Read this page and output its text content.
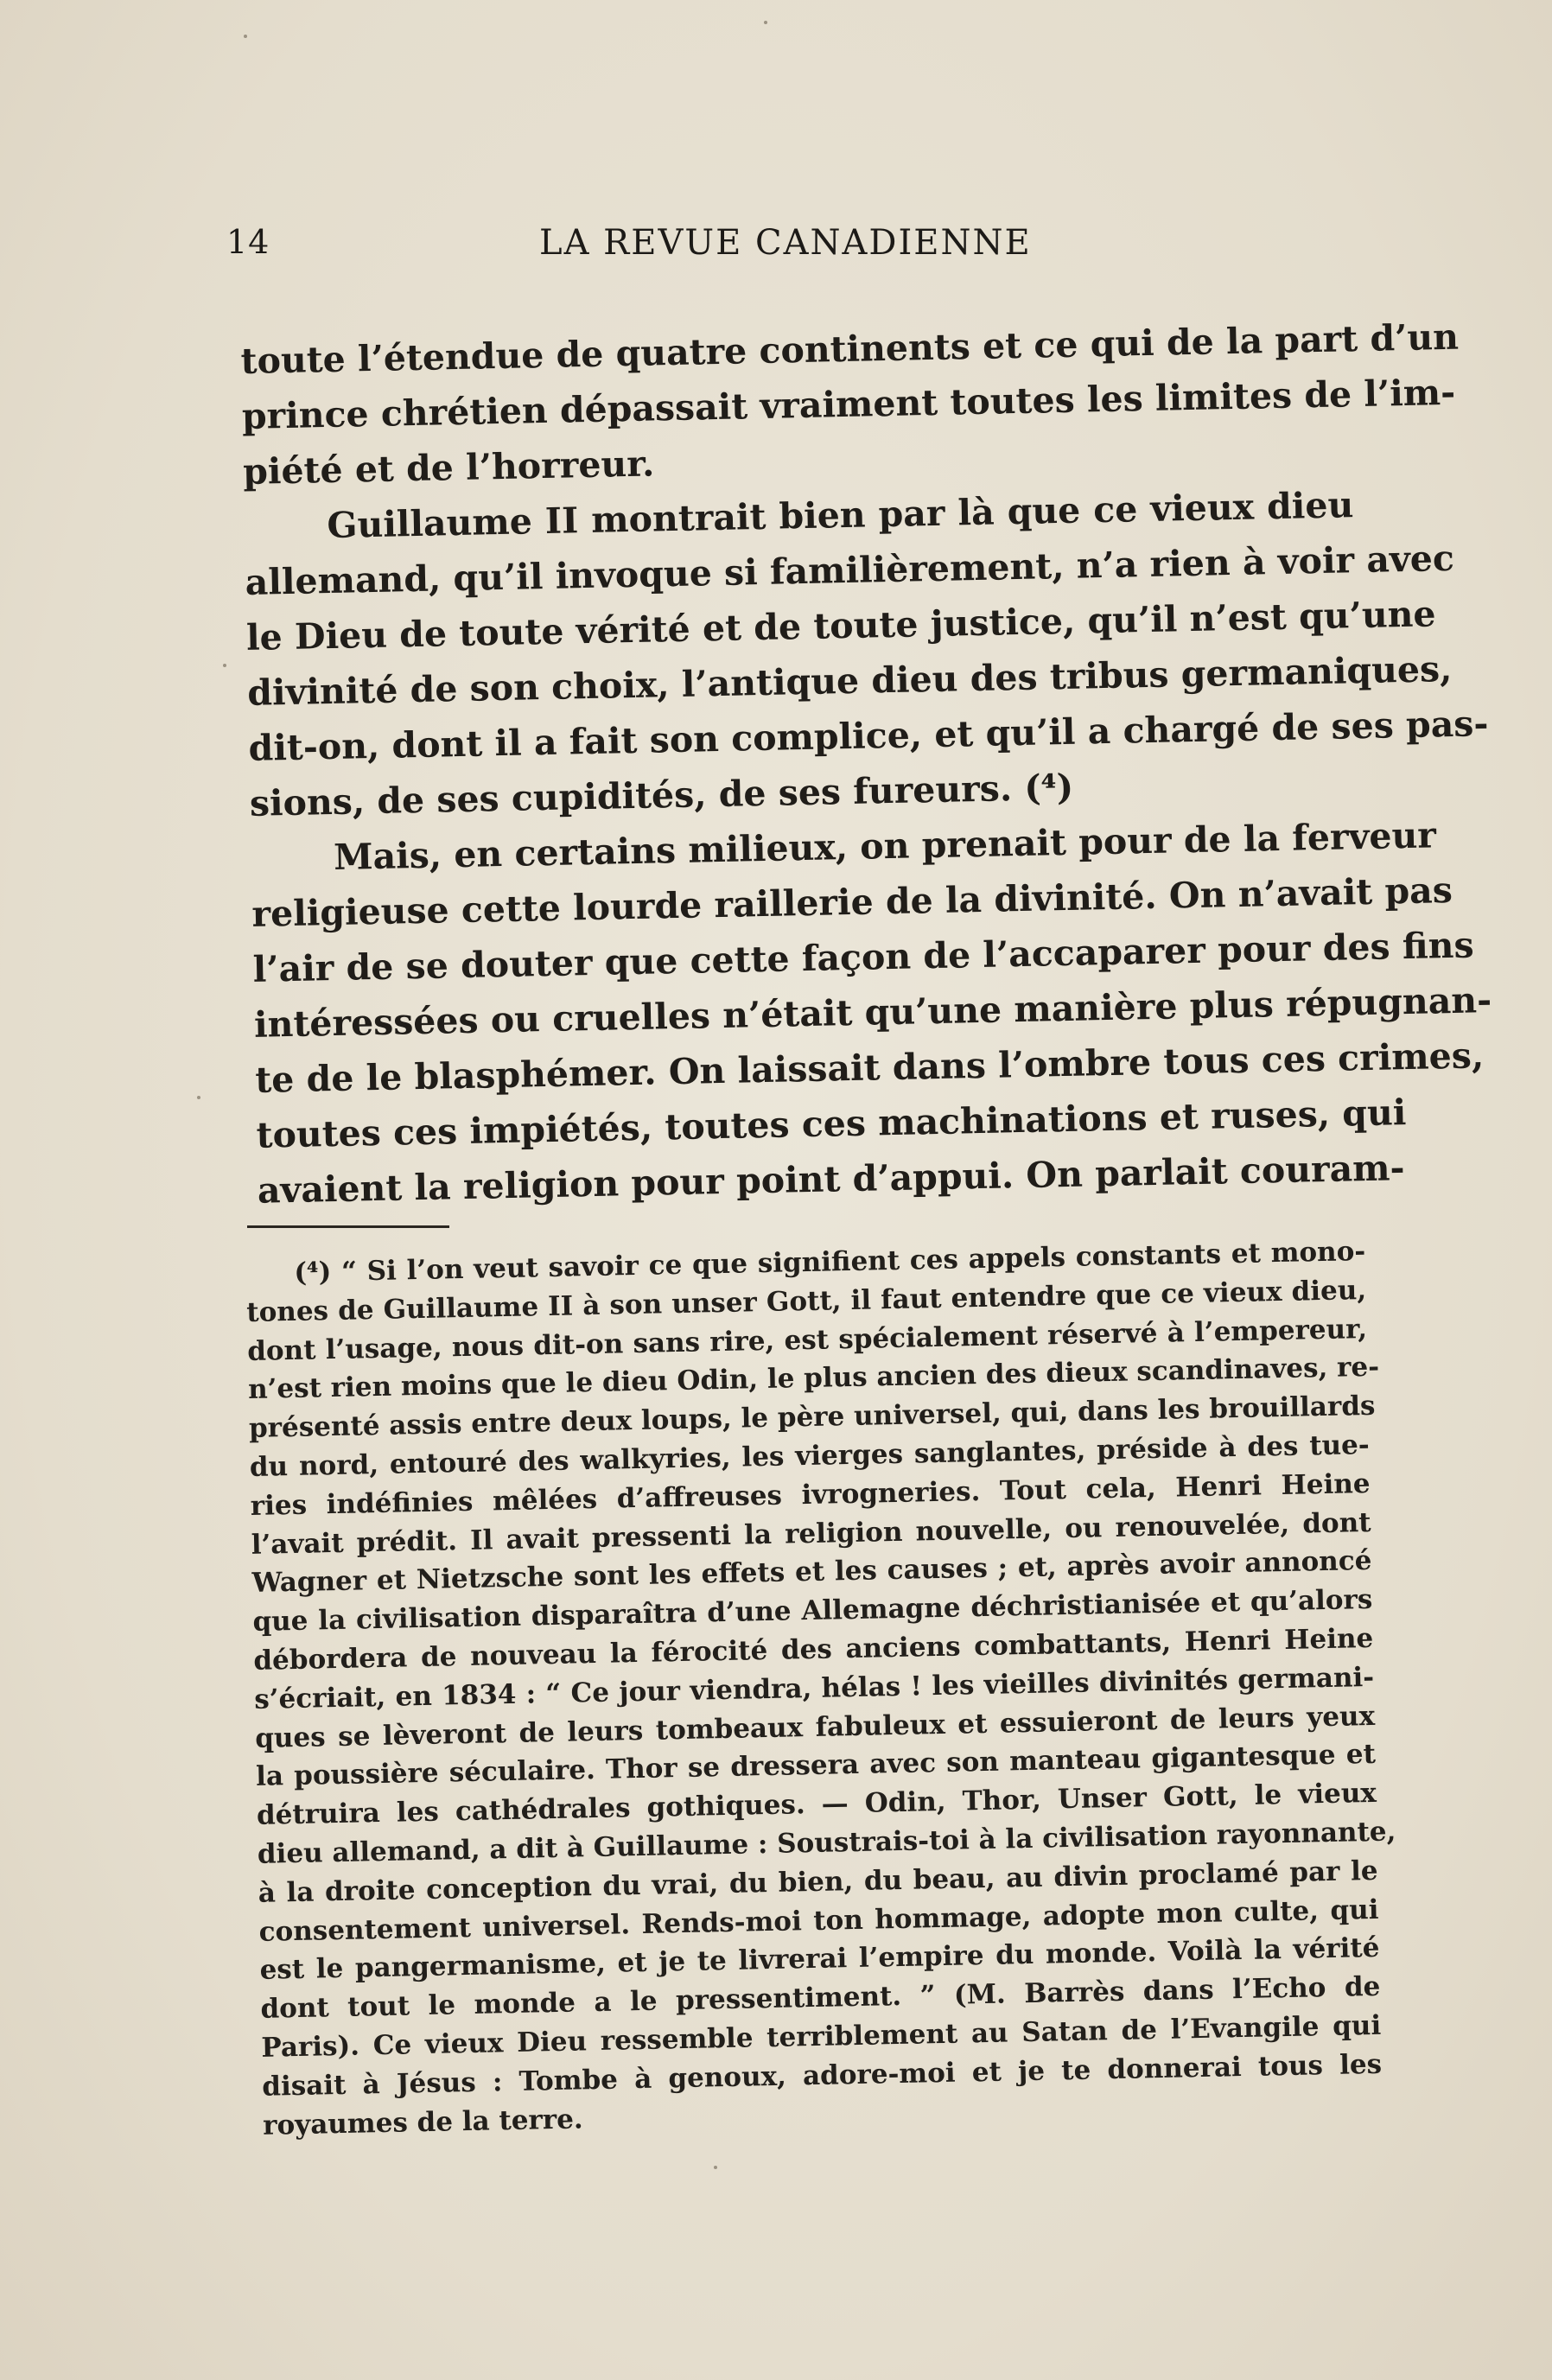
14	LA REVUE CANADIENNE
toute l’étendue de quatre continents et ce qui de la part d’un
prince chrétien dépassait vraiment toutes les limites de l’im-
piété et de l’horreur.
Guillaume II montrait bien par là que ce vieux dieu
allemand, qu’il invoque si familièrement, n’a rien à voir avec
le Dieu de toute vérité et de toute justice, qu’il n’est qu’une
divinité de son choix, l’antique dieu des tribus germaniques,
dit-on, dont il a fait son complice, et qu’il a chargé de ses pas-
sions, de ses cupidités, de ses fureurs. (⁴)
Mais, en certains milieux, on prenait pour de la ferveur
religieuse cette lourde raillerie de la divinité. On n’avait pas
l’air de se douter que cette façon de l’accaparer pour des fins
intéressées ou cruelles n’était qu’une manière plus répugnan-
te de le blasphémer. On laissait dans l’ombre tous ces crimes,
toutes ces impiétés, toutes ces machinations et ruses, qui
avaient la religion pour point d’appui. On parlait couram-
(⁴) “ Si l’on veut savoir ce que signifient ces appels constants et mono-
tones de Guillaume II à son unser Gott, il faut entendre que ce vieux dieu,
dont l’usage, nous dit-on sans rire, est spécialement réservé à l’empereur,
n’est rien moins que le dieu Odin, le plus ancien des dieux scandinaves, re-
présenté assis entre deux loups, le père universel, qui, dans les brouillards
du nord, entouré des walkyries, les vierges sanglantes, préside à des tue-
ries indéfinies mêlées d’affreuses ivrogneries. Tout cela, Henri Heine
l’avait prédit. Il avait pressenti la religion nouvelle, ou renouvelée, dont
Wagner et Nietzsche sont les effets et les causes ; et, après avoir annoncé
que la civilisation disparaîtra d’une Allemagne déchristianisée et qu’alors
débordera de nouveau la férocité des anciens combattants, Henri Heine
s’écriait, en 1834 : “ Ce jour viendra, hélas ! les vieilles divinités germani-
ques se lèveront de leurs tombeaux fabuleux et essuieront de leurs yeux
la poussière séculaire. Thor se dressera avec son manteau gigantesque et
détruira les cathédrales gothiques. — Odin, Thor, Unser Gott, le vieux
dieu allemand, a dit à Guillaume : Soustrais-toi à la civilisation rayonnante,
à la droite conception du vrai, du bien, du beau, au divin proclamé par le
consentement universel. Rends-moi ton hommage, adopte mon culte, qui
est le pangermanisme, et je te livrerai l’empire du monde. Voilà la vérité
dont tout le monde a le pressentiment. ” (M. Barrès dans l’Echo de
Paris). Ce vieux Dieu ressemble terriblement au Satan de l’Evangile qui
disait à Jésus : Tombe à genoux, adore-moi et je te donnerai tous les
royaumes de la terre.
